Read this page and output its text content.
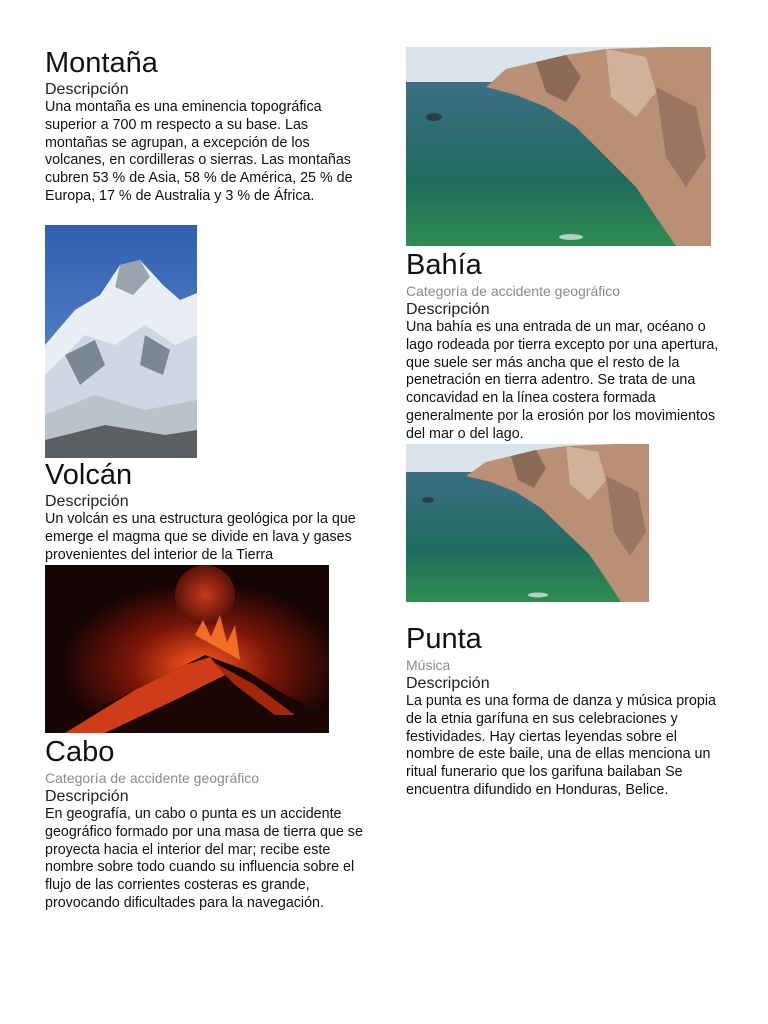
Montaña
Descripción
Una montaña es una eminencia topográfica superior a 700 m respecto a su base. Las montañas se agrupan, a excepción de los volcanes, en cordilleras o sierras. Las montañas cubren 53 % de Asia, 58 % de América, 25 % de Europa, 17 % de Australia y 3 % de África.
Volcán
Descripción
Un volcán es una estructura geológica por la que emerge el magma que se divide en lava y gases provenientes del interior de la Tierra
Cabo
Categoría de accidente geográfico
Descripción
En geografía, un cabo o punta es un accidente geográfico formado por una masa de tierra que se proyecta hacia el interior del mar; recibe este nombre sobre todo cuando su influencia sobre el flujo de las corrientes costeras es grande, provocando dificultades para la navegación.
Bahía
Categoría de accidente geográfico
Descripción
Una bahía es una entrada de un mar, océano o lago rodeada por tierra excepto por una apertura, que suele ser más ancha que el resto de la penetración en tierra adentro. Se trata de una concavidad en la línea costera formada generalmente por la erosión por los movimientos del mar o del lago.
Punta
Música
Descripción
La punta es una forma de danza y música propia de la etnia garífuna en sus celebraciones y festividades. Hay ciertas leyendas sobre el nombre de este baile, una de ellas menciona un ritual funerario que los garifuna bailaban Se encuentra difundido en Honduras, Belice.
